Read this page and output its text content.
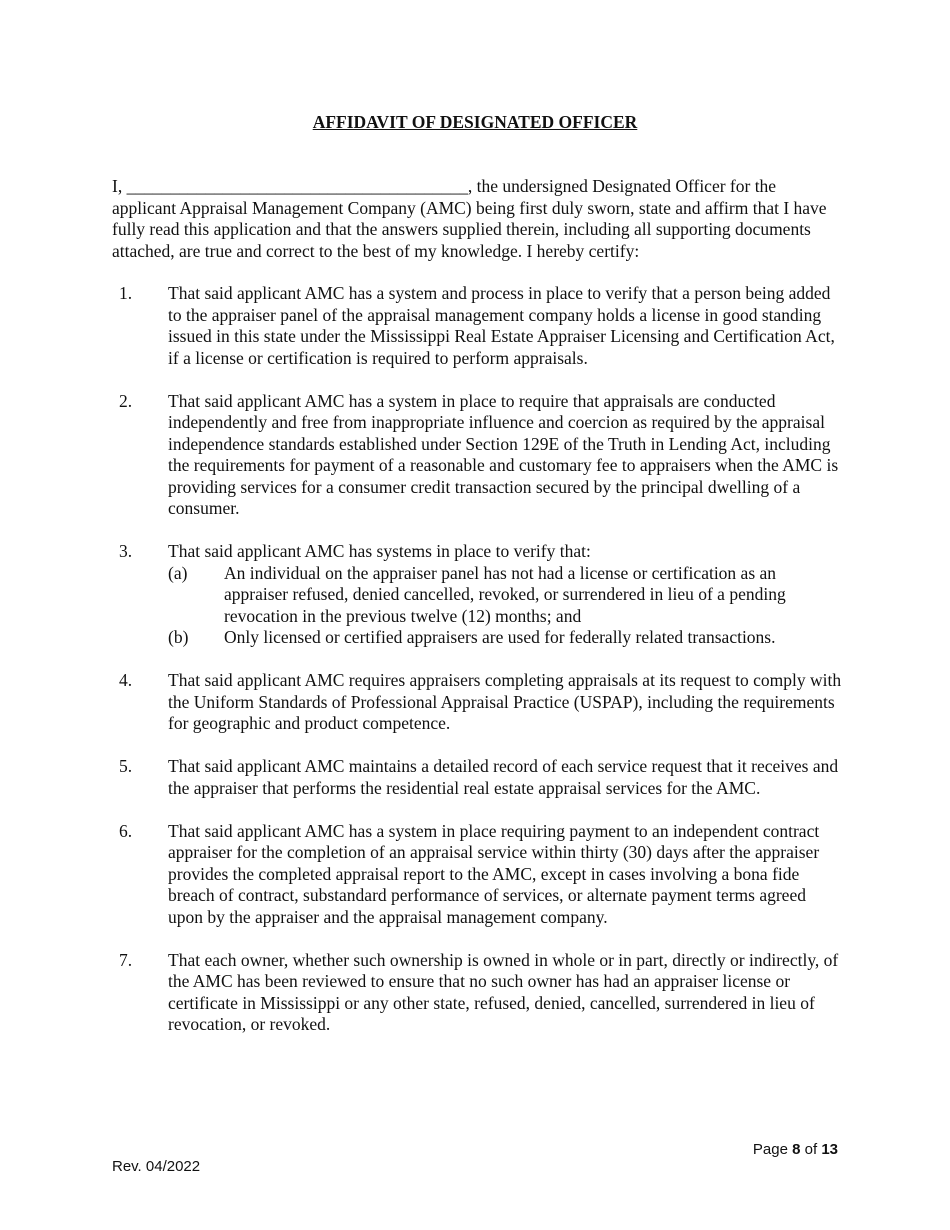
AFFIDAVIT OF DESIGNATED OFFICER
I, _______________________________________, the undersigned Designated Officer for the applicant Appraisal Management Company (AMC) being first duly sworn, state and affirm that I have fully read this application and that the answers supplied therein, including all supporting documents attached, are true and correct to the best of my knowledge. I hereby certify:
1. That said applicant AMC has a system and process in place to verify that a person being added to the appraiser panel of the appraisal management company holds a license in good standing issued in this state under the Mississippi Real Estate Appraiser Licensing and Certification Act, if a license or certification is required to perform appraisals.
2. That said applicant AMC has a system in place to require that appraisals are conducted independently and free from inappropriate influence and coercion as required by the appraisal independence standards established under Section 129E of the Truth in Lending Act, including the requirements for payment of a reasonable and customary fee to appraisers when the AMC is providing services for a consumer credit transaction secured by the principal dwelling of a consumer.
3. That said applicant AMC has systems in place to verify that:
(a) An individual on the appraiser panel has not had a license or certification as an appraiser refused, denied cancelled, revoked, or surrendered in lieu of a pending revocation in the previous twelve (12) months; and
(b) Only licensed or certified appraisers are used for federally related transactions.
4. That said applicant AMC requires appraisers completing appraisals at its request to comply with the Uniform Standards of Professional Appraisal Practice (USPAP), including the requirements for geographic and product competence.
5. That said applicant AMC maintains a detailed record of each service request that it receives and the appraiser that performs the residential real estate appraisal services for the AMC.
6. That said applicant AMC has a system in place requiring payment to an independent contract appraiser for the completion of an appraisal service within thirty (30) days after the appraiser provides the completed appraisal report to the AMC, except in cases involving a bona fide breach of contract, substandard performance of services, or alternate payment terms agreed upon by the appraiser and the appraisal management company.
7. That each owner, whether such ownership is owned in whole or in part, directly or indirectly, of the AMC has been reviewed to ensure that no such owner has had an appraiser license or certificate in Mississippi or any other state, refused, denied, cancelled, surrendered in lieu of revocation, or revoked.
Page 8 of 13
Rev. 04/2022
